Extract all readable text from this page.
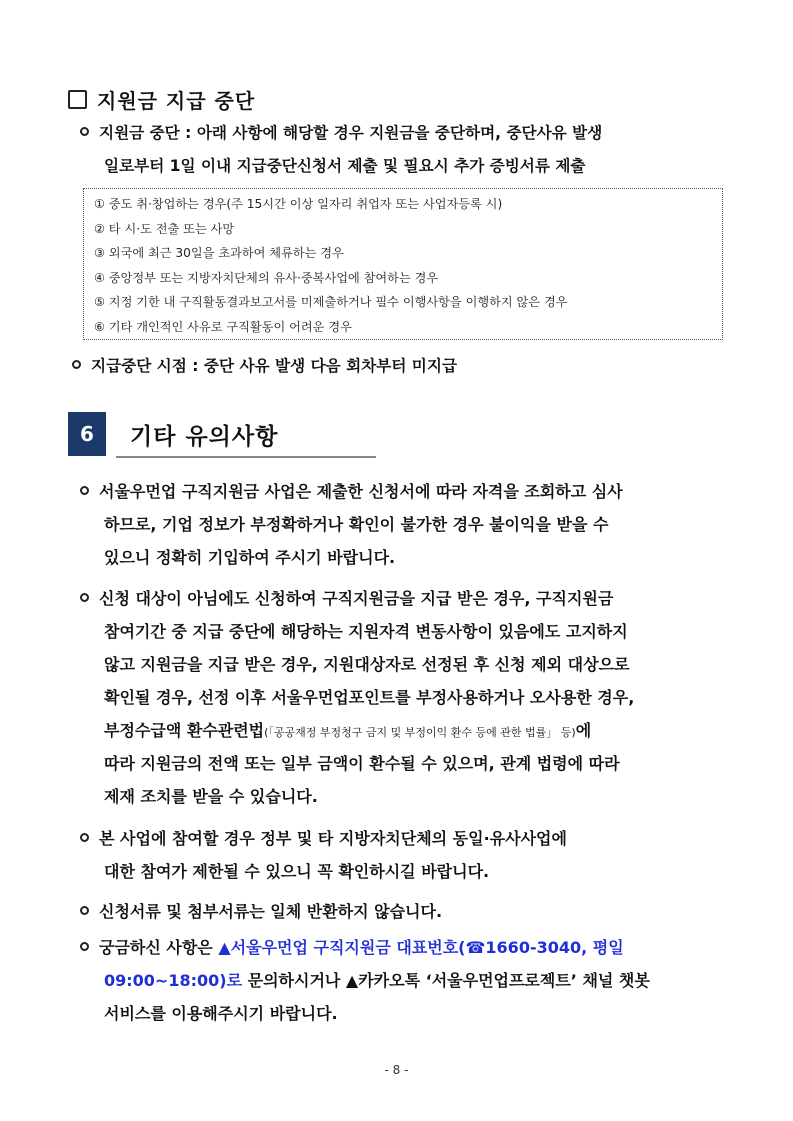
지원금 지급 중단
지원금 중단 : 아래 사항에 해당할 경우 지원금을 중단하며, 중단사유 발생
일로부터 1일 이내 지급중단신청서 제출 및 필요시 추가 증빙서류 제출
① 중도 취·창업하는 경우(주 15시간 이상 일자리 취업자 또는 사업자등록 시)
② 타 시·도 전출 또는 사망
③ 외국에 최근 30일을 초과하여 체류하는 경우
④ 중앙정부 또는 지방자치단체의 유사·중복사업에 참여하는 경우
⑤ 지정 기한 내 구직활동결과보고서를 미제출하거나 필수 이행사항을 이행하지 않은 경우
⑥ 기타 개인적인 사유로 구직활동이 어려운 경우
지급중단 시점 : 중단 사유 발생 다음 회차부터 미지급
6	기타 유의사항
서울우먼업 구직지원금 사업은 제출한 신청서에 따라 자격을 조회하고 심사
하므로, 기업 정보가 부정확하거나 확인이 불가한 경우 불이익을 받을 수
있으니 정확히 기입하여 주시기 바랍니다.
신청 대상이 아님에도 신청하여 구직지원금을 지급 받은 경우, 구직지원금
참여기간 중 지급 중단에 해당하는 지원자격 변동사항이 있음에도 고지하지
않고 지원금을 지급 받은 경우, 지원대상자로 선정된 후 신청 제외 대상으로
확인될 경우, 선정 이후 서울우먼업포인트를 부정사용하거나 오사용한 경우,
부정수급액 환수관련법(「공공재정 부정청구 금지 및 부정이익 환수 등에 관한 법률」 등)에
따라 지원금의 전액 또는 일부 금액이 환수될 수 있으며, 관계 법령에 따라
제재 조치를 받을 수 있습니다.
본 사업에 참여할 경우 정부 및 타 지방자치단체의 동일·유사사업에
대한 참여가 제한될 수 있으니 꼭 확인하시길 바랍니다.
신청서류 및 첨부서류는 일체 반환하지 않습니다.
궁금하신 사항은 ▲서울우먼업 구직지원금 대표번호(☎1660-3040, 평일
09:00~18:00)로 문의하시거나 ▲카카오톡 ‘서울우먼업프로젝트’ 채널 챗봇
서비스를 이용해주시기 바랍니다.
- 8 -
